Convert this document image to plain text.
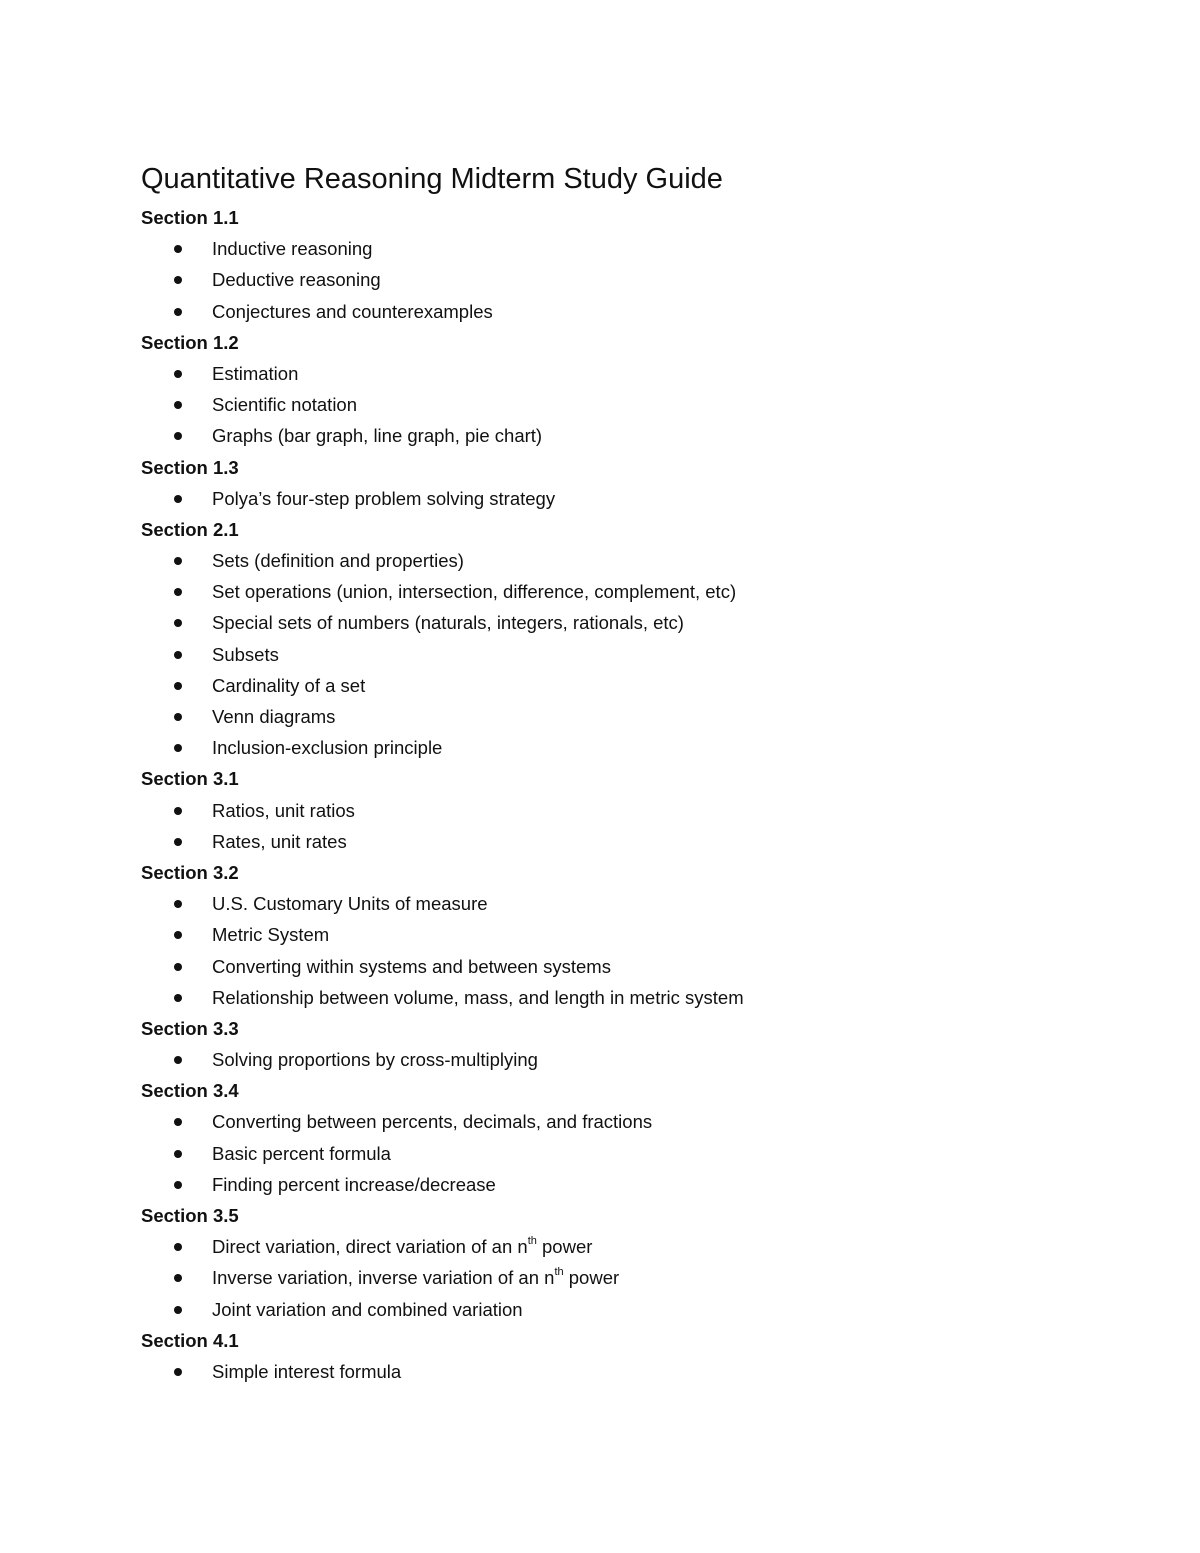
Quantitative Reasoning Midterm Study Guide
Section 1.1
Inductive reasoning
Deductive reasoning
Conjectures and counterexamples
Section 1.2
Estimation
Scientific notation
Graphs (bar graph, line graph, pie chart)
Section 1.3
Polya’s four-step problem solving strategy
Section 2.1
Sets (definition and properties)
Set operations (union, intersection, difference, complement, etc)
Special sets of numbers (naturals, integers, rationals, etc)
Subsets
Cardinality of a set
Venn diagrams
Inclusion-exclusion principle
Section 3.1
Ratios, unit ratios
Rates, unit rates
Section 3.2
U.S. Customary Units of measure
Metric System
Converting within systems and between systems
Relationship between volume, mass, and length in metric system
Section 3.3
Solving proportions by cross-multiplying
Section 3.4
Converting between percents, decimals, and fractions
Basic percent formula
Finding percent increase/decrease
Section 3.5
Direct variation, direct variation of an $n^{th}$ power
Inverse variation, inverse variation of an $n^{th}$ power
Joint variation and combined variation
Section 4.1
Simple interest formula
